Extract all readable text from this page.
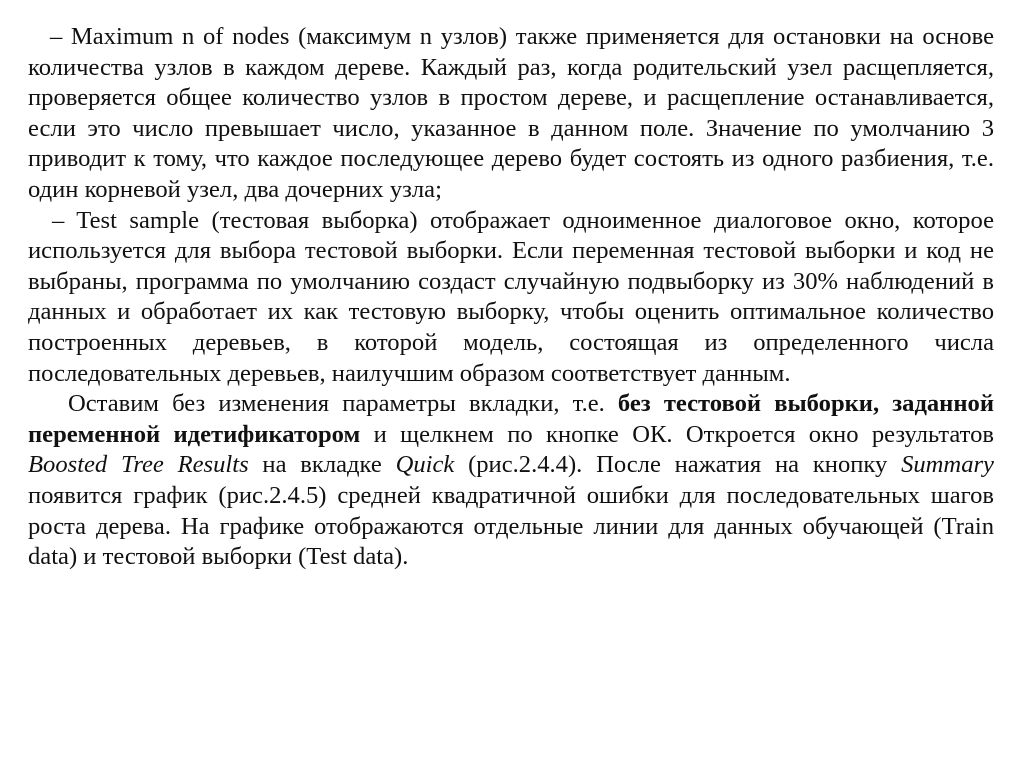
– Maximum n of nodes (максимум n узлов) также применяется для остановки на основе количества узлов в каждом дереве. Каждый раз, когда родительский узел расщепляется, проверяется общее количество узлов в простом дереве, и расщепление останавливается, если это число превышает число, указанное в данном поле. Значение по умолчанию 3 приводит к тому, что каждое последующее дерево будет состоять из одного разбиения, т.е. один корневой узел, два дочерних узла;

– Test sample (тестовая выборка) отображает одноименное диалоговое окно, которое используется для выбора тестовой выборки. Если переменная тестовой выборки и код не выбраны, программа по умолчанию создаст случайную подвыборку из 30% наблюдений в данных и обработает их как тестовую выборку, чтобы оценить оптимальное количество построенных деревьев, в которой модель, состоящая из определенного числа последовательных деревьев, наилучшим образом соответствует данным.

Оставим без изменения параметры вкладки, т.е. без тестовой выборки, заданной переменной идетификатором и щелкнем по кнопке ОК. Откроется окно результатов Boosted Tree Results на вкладке Quick (рис.2.4.4). После нажатия на кнопку Summary появится график (рис.2.4.5) средней квадратичной ошибки для последовательных шагов роста дерева. На графике отображаются отдельные линии для данных обучающей (Train data) и тестовой выборки (Test data).
